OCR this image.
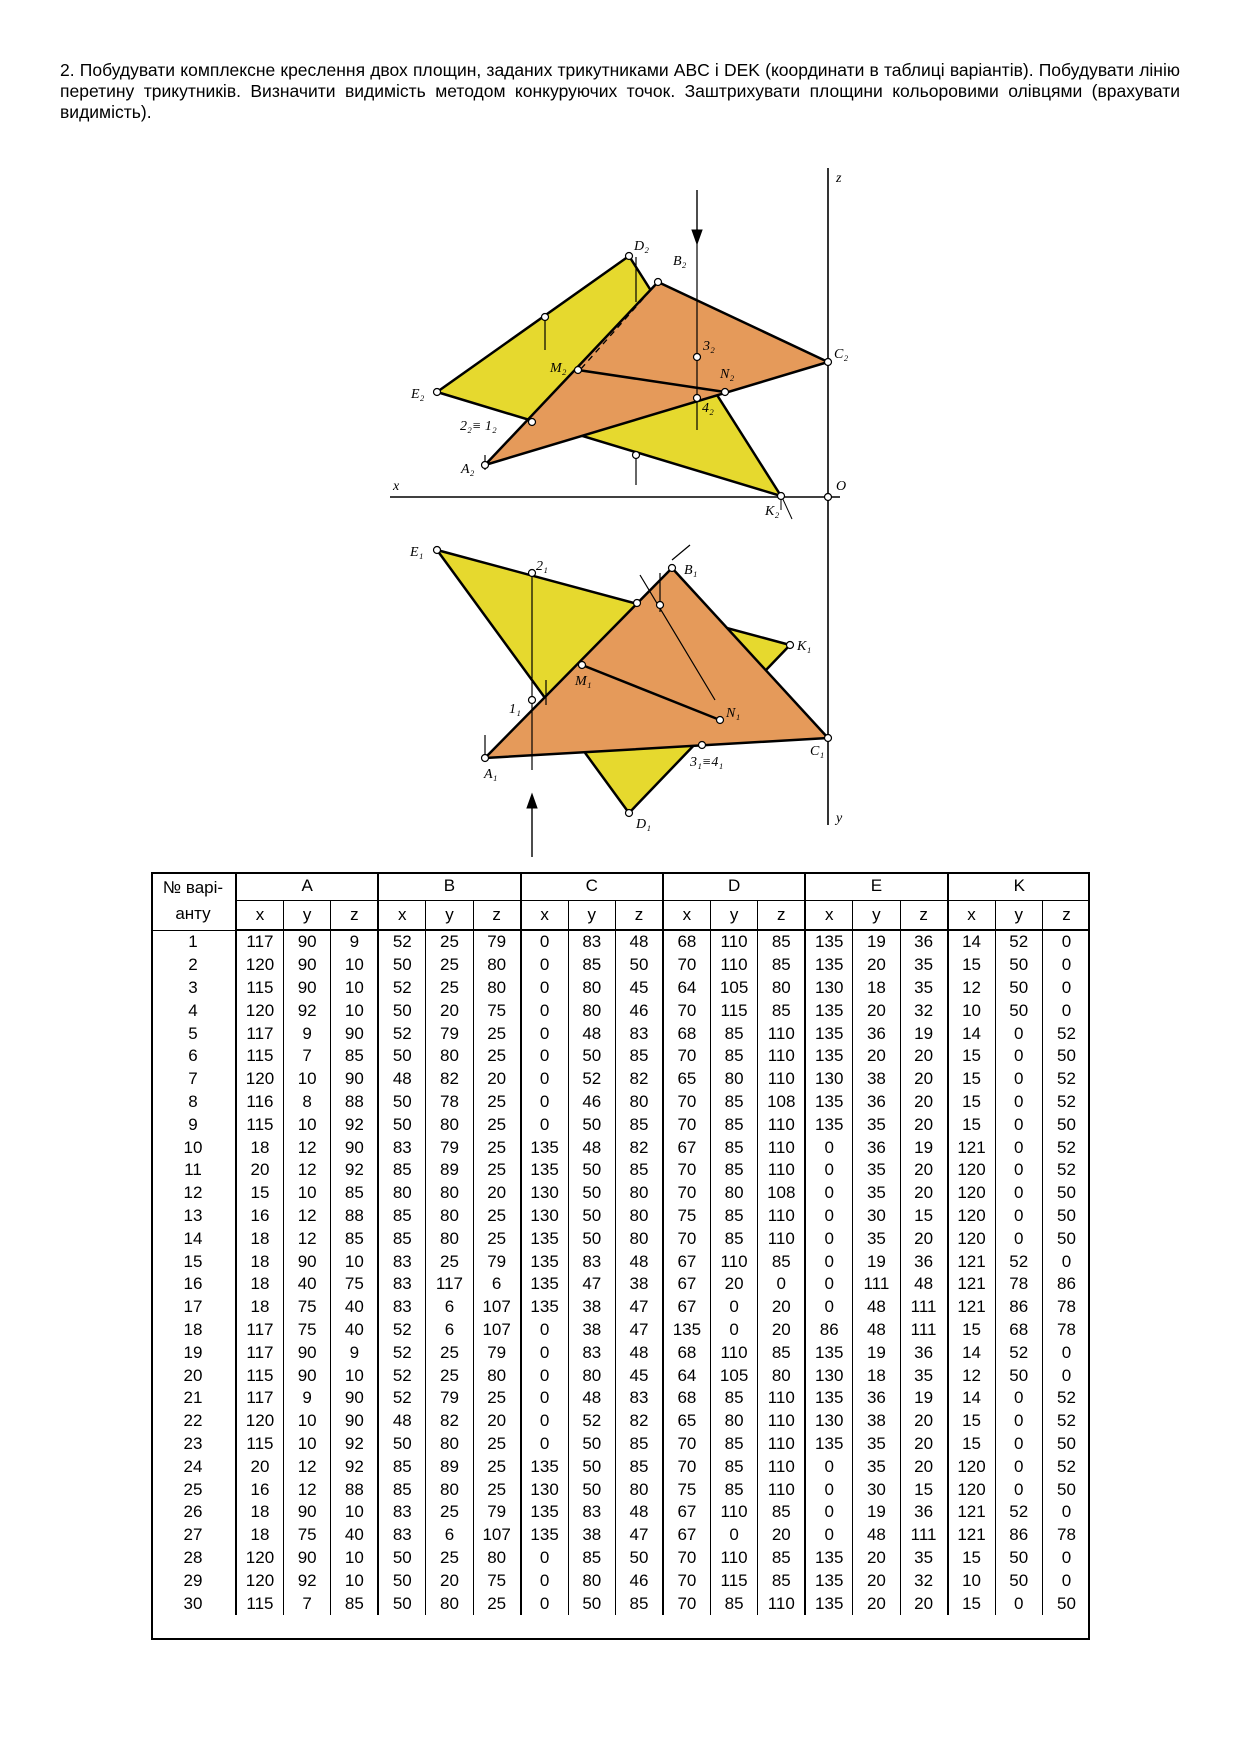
2. Побудувати комплексне креслення двох площин, заданих трикутниками ABC і DEK (координати в таблиці варіантів). Побудувати лінію перетину трикутників. Визначити видимість методом конкуруючих точок. Заштрихувати площини кольоровими олівцями (врахувати видимість).

z
x
y
O
D₂
B₂
C₂
E₂
A₂
K₂
M₂	N₂
3₂
4₂
2₂≡ 1₂
E₁
B₁
K₁
M₁
N₁
2₁
1₁
C₁
A₁
D₁
3₁≡4₁
№ варі-
анту	A			B			C			D			E			K		
	x	y	z	x	y	z	x	y	z	x	y	z	x	y	z	x	y	z
1	117	90	9	52	25	79	0	83	48	68	110	85	135	19	36	14	52	0
2	120	90	10	50	25	80	0	85	50	70	110	85	135	20	35	15	50	0
3	115	90	10	52	25	80	0	80	45	64	105	80	130	18	35	12	50	0
4	120	92	10	50	20	75	0	80	46	70	115	85	135	20	32	10	50	0
5	117	9	90	52	79	25	0	48	83	68	85	110	135	36	19	14	0	52
6	115	7	85	50	80	25	0	50	85	70	85	110	135	20	20	15	0	50
7	120	10	90	48	82	20	0	52	82	65	80	110	130	38	20	15	0	52
8	116	8	88	50	78	25	0	46	80	70	85	108	135	36	20	15	0	52
9	115	10	92	50	80	25	0	50	85	70	85	110	135	35	20	15	0	50
10	18	12	90	83	79	25	135	48	82	67	85	110	0	36	19	121	0	52
11	20	12	92	85	89	25	135	50	85	70	85	110	0	35	20	120	0	52
12	15	10	85	80	80	20	130	50	80	70	80	108	0	35	20	120	0	50
13	16	12	88	85	80	25	130	50	80	75	85	110	0	30	15	120	0	50
14	18	12	85	85	80	25	135	50	80	70	85	110	0	35	20	120	0	50
15	18	90	10	83	25	79	135	83	48	67	110	85	0	19	36	121	52	0
16	18	40	75	83	117	6	135	47	38	67	20	0	0	111	48	121	78	86
17	18	75	40	83	6	107	135	38	47	67	0	20	0	48	111	121	86	78
18	117	75	40	52	6	107	0	38	47	135	0	20	86	48	111	15	68	78
19	117	90	9	52	25	79	0	83	48	68	110	85	135	19	36	14	52	0
20	115	90	10	52	25	80	0	80	45	64	105	80	130	18	35	12	50	0
21	117	9	90	52	79	25	0	48	83	68	85	110	135	36	19	14	0	52
22	120	10	90	48	82	20	0	52	82	65	80	110	130	38	20	15	0	52
23	115	10	92	50	80	25	0	50	85	70	85	110	135	35	20	15	0	50
24	20	12	92	85	89	25	135	50	85	70	85	110	0	35	20	120	0	52
25	16	12	88	85	80	25	130	50	80	75	85	110	0	30	15	120	0	50
26	18	90	10	83	25	79	135	83	48	67	110	85	0	19	36	121	52	0
27	18	75	40	83	6	107	135	38	47	67	0	20	0	48	111	121	86	78
28	120	90	10	50	25	80	0	85	50	70	110	85	135	20	35	15	50	0
29	120	92	10	50	20	75	0	80	46	70	115	85	135	20	32	10	50	0
30	115	7	85	50	80	25	0	50	85	70	85	110	135	20	20	15	0	50
